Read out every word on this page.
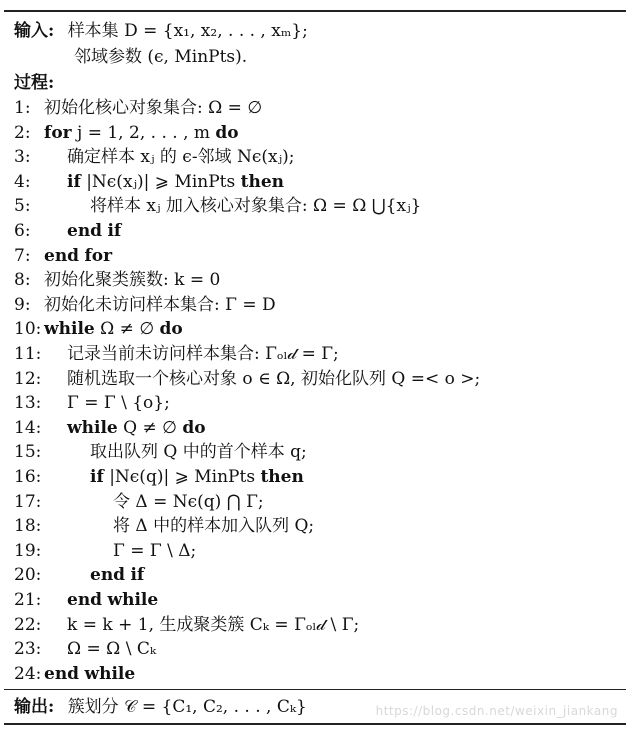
输入: 样本集 D = {x₁, x₂, . . . , xₘ};
邻域参数 (ϵ, MinPts).
过程:
1: 初始化核心对象集合: Ω = ∅
2: for j = 1, 2, . . . , m do
3:	确定样本 xⱼ 的 ϵ-邻域 Nϵ(xⱼ);
4:	if |Nϵ(xⱼ)| ⩾ MinPts then
5:	将样本 xⱼ 加入核心对象集合: Ω = Ω ⋃{xⱼ}
6:	end if
7: end for
8: 初始化聚类簇数: k = 0
9: 初始化未访问样本集合: Γ = D
10: while Ω ≠ ∅ do
11: 记录当前未访问样本集合: Γₒₗ𝒹 = Γ;
12: 随机选取一个核心对象 o ∈ Ω, 初始化队列 Q =< o >;
13: Γ = Γ \ {o};
14: while Q ≠ ∅ do
15:	取出队列 Q 中的首个样本 q;
16:	if |Nϵ(q)| ⩾ MinPts then
17:	令 Δ = Nϵ(q) ⋂ Γ;
18:	将 Δ 中的样本加入队列 Q;
19:	Γ = Γ \ Δ;
20:	end if
21: end while
22: k = k + 1, 生成聚类簇 Cₖ = Γₒₗ𝒹 \ Γ;
23: Ω = Ω \ Cₖ
24: end while
输出: 簇划分 𝒞 = {C₁, C₂, . . . , Cₖ}	https://blog.csdn.net/weixin_jiankang
